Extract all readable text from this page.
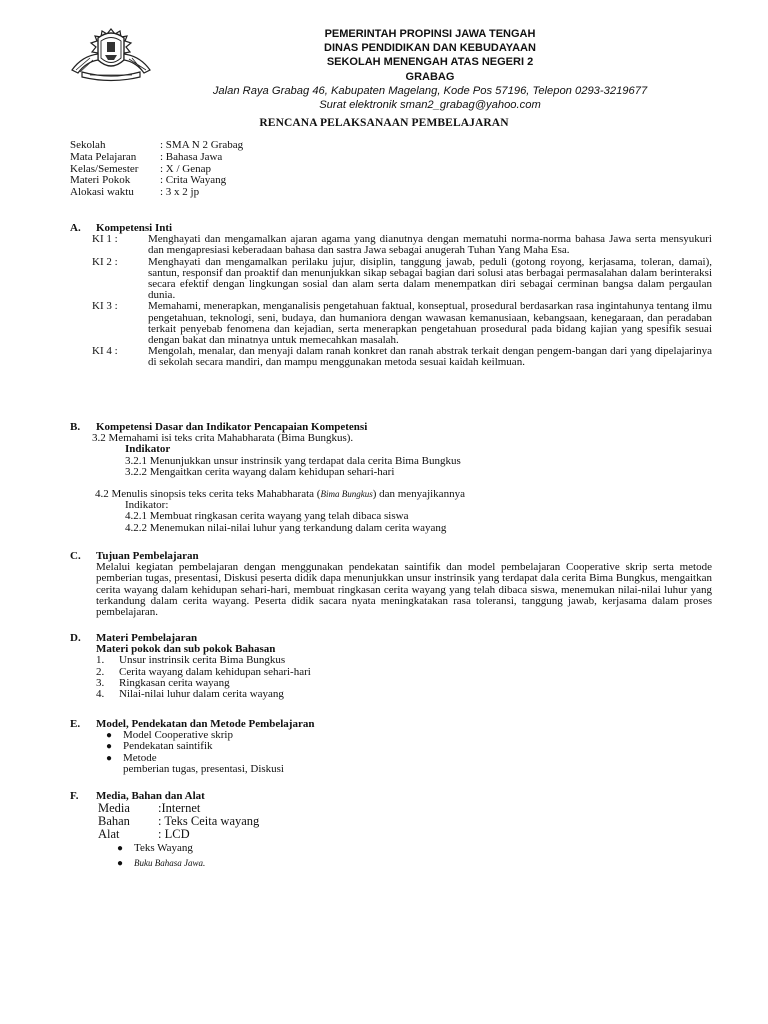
PEMERINTAH PROPINSI JAWA TENGAH
DINAS PENDIDIKAN DAN KEBUDAYAAN
SEKOLAH MENENGAH ATAS NEGERI 2
GRABAG
Jalan Raya Grabag 46, Kabupaten Magelang, Kode Pos 57196, Telepon 0293-3219677
Surat elektronik sman2_grabag@yahoo.com
RENCANA PELAKSANAAN PEMBELAJARAN
Sekolah	: SMA N 2 Grabag
Mata Pelajaran	: Bahasa Jawa
Kelas/Semester	: X / Genap
Materi Pokok	: Crita Wayang
Alokasi waktu	: 3 x 2 jp
A.	Kompetensi Inti
KI 1 :	Menghayati dan mengamalkan ajaran agama yang dianutnya dengan mematuhi norma-norma bahasa Jawa serta mensyukuri dan mengapresiasi keberadaan bahasa dan sastra Jawa sebagai anugerah Tuhan Yang Maha Esa.
KI 2 :	Menghayati dan mengamalkan perilaku jujur, disiplin, tanggung jawab, peduli (gotong royong, kerjasama, toleran, damai), santun, responsif dan proaktif dan menunjukkan sikap sebagai bagian dari solusi atas berbagai permasalahan dalam berinteraksi secara efektif dengan lingkungan sosial dan alam serta dalam menempatkan diri sebagai cerminan bangsa dalam pergaulan dunia.
KI 3 :	Memahami, menerapkan, menganalisis pengetahuan faktual, konseptual, prosedural berdasarkan rasa ingintahunya tentang ilmu pengetahuan, teknologi, seni, budaya, dan humaniora dengan wawasan kemanusiaan, kebangsaan, kenegaraan, dan peradaban terkait penyebab fenomena dan kejadian, serta menerapkan pengetahuan prosedural pada bidang kajian yang spesifik sesuai dengan bakat dan minatnya untuk memecahkan masalah.
KI 4 :	Mengolah, menalar, dan menyaji dalam ranah konkret dan ranah abstrak terkait dengan pengem-bangan dari yang dipelajarinya di sekolah secara mandiri, dan mampu menggunakan metoda sesuai kaidah keilmuan.
B.	Kompetensi Dasar dan Indikator Pencapaian Kompetensi
3.2 Memahami isi teks crita Mahabharata (Bima Bungkus).
Indikator
3.2.1 Menunjukkan unsur instrinsik yang terdapat dala cerita Bima Bungkus
3.2.2 Mengaitkan cerita wayang dalam kehidupan sehari-hari
4.2 Menulis sinopsis teks cerita teks Mahabharata (Bima Bungkus) dan menyajikannya
Indikator:
4.2.1 Membuat ringkasan cerita wayang yang telah dibaca siswa
4.2.2 Menemukan nilai-nilai luhur yang terkandung dalam cerita wayang
C.	Tujuan Pembelajaran
Melalui kegiatan pembelajaran dengan menggunakan pendekatan saintifik dan model pembelajaran Cooperative skrip serta metode pemberian tugas, presentasi, Diskusi peserta didik dapa menunjukkan unsur instrinsik yang terdapat dala cerita Bima Bungkus, mengaitkan cerita wayang dalam kehidupan sehari-hari, membuat ringkasan cerita wayang yang telah dibaca siswa, menemukan nilai-nilai luhur yang terkandung dalam cerita wayang. Peserta didik sacara nyata meningkatakan rasa toleransi, tanggung jawab, kerjasama dalam proses pembelajaran.
D.	Materi Pembelajaran
Materi pokok dan sub pokok Bahasan
1.	Unsur instrinsik cerita Bima Bungkus
2.	Cerita wayang dalam kehidupan sehari-hari
3.	Ringkasan cerita wayang
4.	Nilai-nilai luhur dalam cerita wayang
E.	Model, Pendekatan dan Metode Pembelajaran
● Model Cooperative skrip
● Pendekatan saintifik
● Metode
pemberian tugas, presentasi, Diskusi
F.	Media, Bahan dan Alat
Media	:Internet
Bahan	: Teks Ceita wayang
Alat	: LCD
● Teks Wayang
●	Buku Bahasa Jawa.
